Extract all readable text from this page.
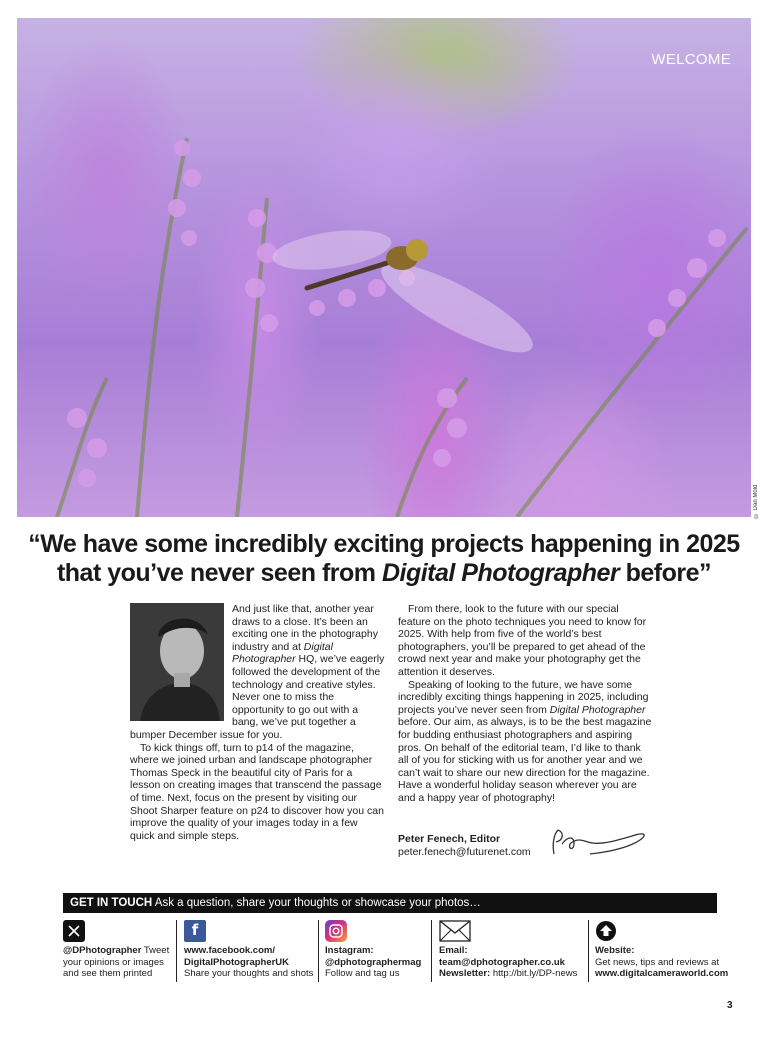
WELCOME
© Dan Mold
“We have some incredibly exciting projects happening in 2025
that you’ve never seen from Digital Photographer before”

And just like that, another year draws to a close. It’s been an exciting one in the photography industry and at Digital Photographer HQ, we’ve eagerly followed the development of the technology and creative styles. Never one to miss the opportunity to go out with a bang, we’ve put together a bumper December issue for you.

To kick things off, turn to p14 of the magazine, where we joined urban and landscape photographer Thomas Speck in the beautiful city of Paris for a lesson on creating images that transcend the passage of time. Next, focus on the present by visiting our Shoot Sharper feature on p24 to discover how you can improve the quality of your images today in a few quick and simple steps.

From there, look to the future with our special feature on the photo techniques you need to know for 2025. With help from five of the world’s best photographers, you’ll be prepared to get ahead of the crowd next year and make your photography get the attention it deserves.

Speaking of looking to the future, we have some incredibly exciting things happening in 2025, including projects you’ve never seen from Digital Photographer before. Our aim, as always, is to be the best magazine for budding enthusiast photographers and aspiring pros. On behalf of the editorial team, I’d like to thank all of you for sticking with us for another year and we can’t wait to share our new direction for the magazine. Have a wonderful holiday season wherever you are and a happy year of photography!

Peter Fenech, Editor
peter.fenech@futurenet.com
GET IN TOUCH Ask a question, share your thoughts or showcase your photos…
@DPhotographer Tweet your opinions or images and see them printed
f
www.facebook.com/ DigitalPhotographerUK
Share your thoughts and shots
Instagram:
@dphotographermag
Follow and tag us
Email:
team@dphotographer.co.uk
Newsletter: http://bit.ly/DP-news
Website:
Get news, tips and reviews at
www.digitalcameraworld.com
3
